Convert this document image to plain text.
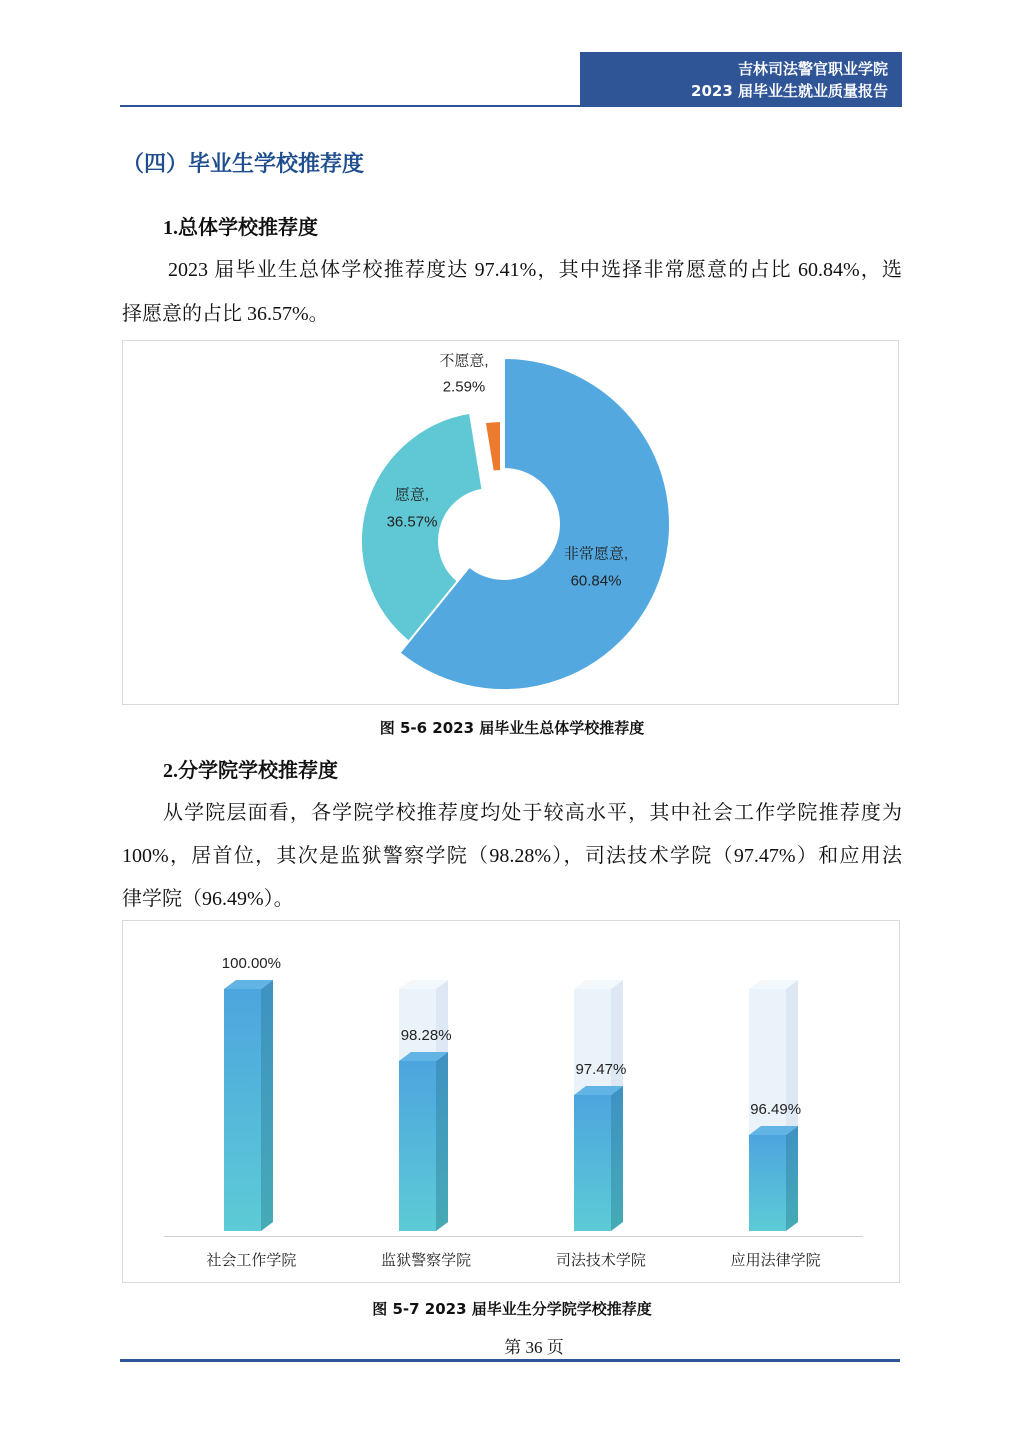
吉林司法警官职业学院
2023 届毕业生就业质量报告
（四）毕业生学校推荐度
1.总体学校推荐度
2023 届毕业生总体学校推荐度达 97.41%，其中选择非常愿意的占比 60.84%，选
择愿意的占比 36.57%。
非常愿意,
60.84%
愿意,
36.57%
不愿意,
2.59%
图 5-6 2023 届毕业生总体学校推荐度
2.分学院学校推荐度
从学院层面看，各学院学校推荐度均处于较高水平，其中社会工作学院推荐度为
100%，居首位，其次是监狱警察学院（98.28%），司法技术学院（97.47%）和应用法
律学院（96.49%）。
100.00%
社会工作学院
98.28%
监狱警察学院
97.47%
司法技术学院
96.49%
应用法律学院
图 5-7 2023 届毕业生分学院学校推荐度
第 36 页
